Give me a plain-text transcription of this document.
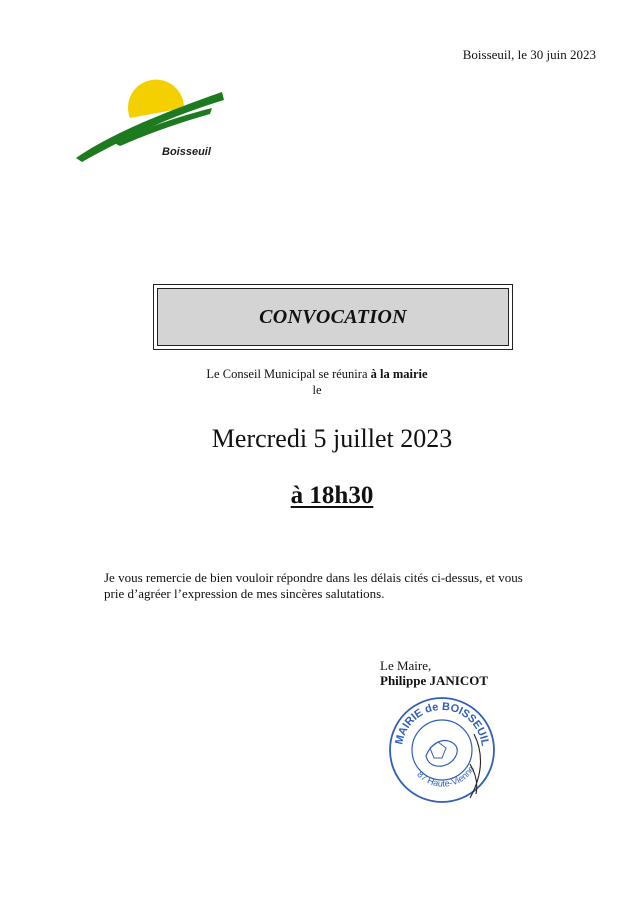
Boisseuil, le 30 juin 2023
Boisseuil
CONVOCATION
Le Conseil Municipal se réunira à la mairie
le
Mercredi 5 juillet 2023
à 18h30
Je vous remercie de bien vouloir répondre dans les délais cités ci-dessus, et vous prie d’agréer l’expression de mes sincères salutations.
Le Maire,
Philippe JANICOT
MAIRIE de BOISSEUIL
87 Haute-Vienne
